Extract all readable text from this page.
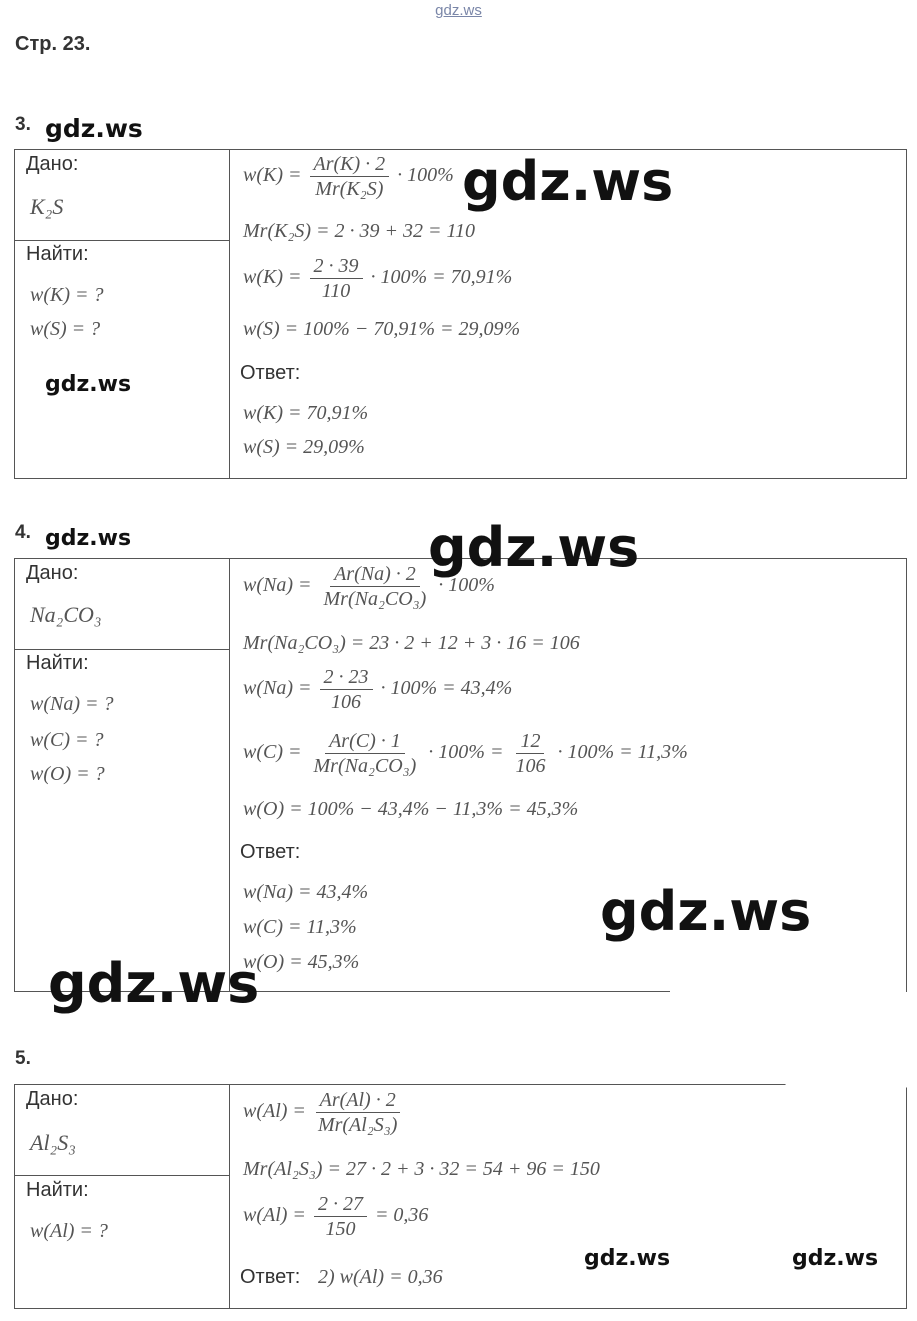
gdz.ws
Стр. 23.
3. gdz.ws
Дано:
K₂S
Найти:
w(K) = ?
w(S) = ?
gdz.ws
$w(K) = \frac{Ar(K) \cdot 2}{\text{Mr(K₂S)}} \cdot 100\%$
Mr(K₂S) = 2 · 39 + 32 = 110
$w(K) = \frac{2 \cdot 39}{110} \cdot 100\% = 70,91\%$
w(S) = 100% − 70,91% = 29,09%
Ответ:
w(K) = 70,91%
w(S) = 29,09%
gdz.ws
4. gdz.ws
Дано:
Na₂CO₃
Найти:
w(Na) = ?
w(C) = ?
w(O) = ?
$w(Na) = \frac{Ar(Na) \cdot 2}{\text{Mr(Na₂CO₃)}} \cdot 100\%$
Mr(Na₂CO₃) = 23 · 2 + 12 + 3 · 16 = 106
$w(Na) = \frac{2 \cdot 23}{106} \cdot 100\% = 43,4\%$
$w(C) = \frac{Ar(C) \cdot 1}{\text{Mr(Na₂CO₃)}} \cdot 100\% = \frac{12}{106} \cdot 100\% = 11,3\%$
w(O) = 100% − 43,4% − 11,3% = 45,3%
Ответ:
w(Na) = 43,4%
w(C) = 11,3%
w(O) = 45,3%
gdz.ws
gdz.ws
gdz.ws
5.
Дано:
Al₂S₃
Найти:
w(Al) = ?
$w(Al) = \frac{Ar(Al) \cdot 2}{\text{Mr(Al₂S₃)}}$
Mr(Al₂S₃) = 27 · 2 + 3 · 32 = 54 + 96 = 150
$w(Al) = \frac{2 \cdot 27}{150} = 0,36$
Ответ: 2) w(Al) = 0,36
gdz.ws	gdz.ws
